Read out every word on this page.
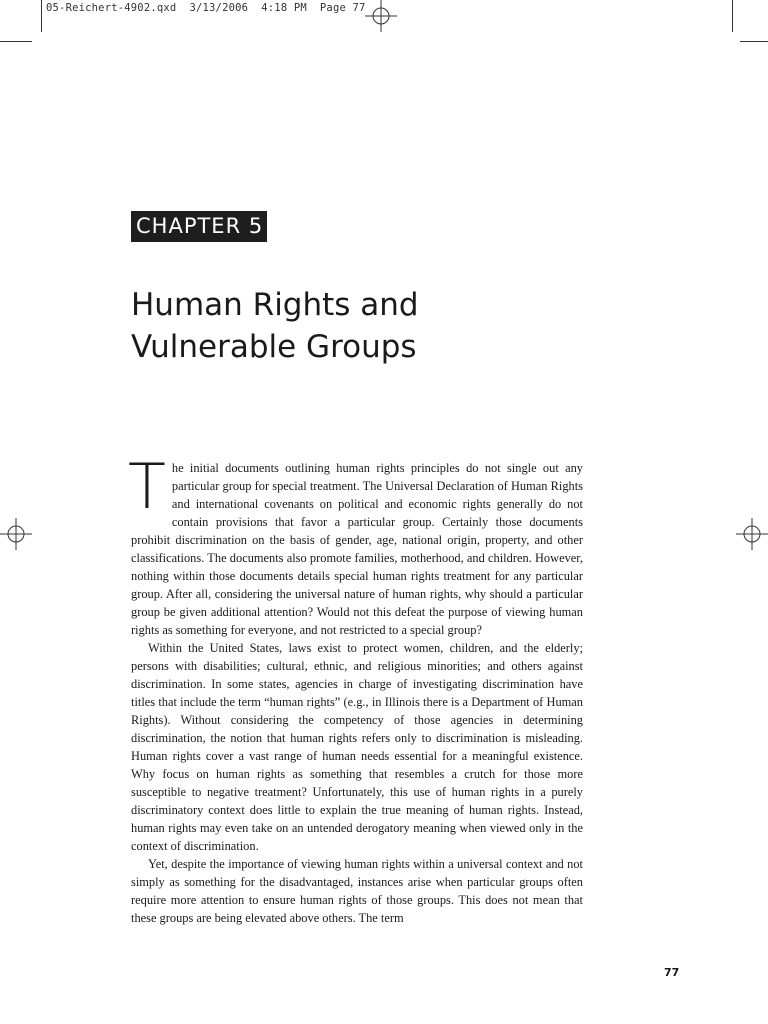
05-Reichert-4902.qxd  3/13/2006  4:18 PM  Page 77
CHAPTER 5
Human Rights and
Vulnerable Groups

The initial documents outlining human rights principles do not single out any particular group for special treatment. The Universal Declaration of Human Rights and international covenants on political and economic rights generally do not contain provisions that favor a particular group. Certainly those documents prohibit discrimination on the basis of gender, age, national origin, property, and other classifications. The documents also promote families, motherhood, and children. However, nothing within those documents details special human rights treatment for any particular group. After all, considering the universal nature of human rights, why should a particular group be given additional attention? Would not this defeat the purpose of viewing human rights as something for everyone, and not restricted to a special group?

Within the United States, laws exist to protect women, children, and the elderly; persons with disabilities; cultural, ethnic, and religious minorities; and others against discrimination. In some states, agencies in charge of investigating discrimination have titles that include the term “human rights” (e.g., in Illinois there is a Department of Human Rights). Without considering the competency of those agencies in determining discrimination, the notion that human rights refers only to discrimination is misleading. Human rights cover a vast range of human needs essential for a meaningful existence. Why focus on human rights as something that resembles a crutch for those more susceptible to negative treatment? Unfortunately, this use of human rights in a purely discriminatory context does little to explain the true meaning of human rights. Instead, human rights may even take on an untended derogatory meaning when viewed only in the context of discrimination.

Yet, despite the importance of viewing human rights within a universal context and not simply as something for the disadvantaged, instances arise when particular groups often require more attention to ensure human rights of those groups. This does not mean that these groups are being elevated above others. The term

77
